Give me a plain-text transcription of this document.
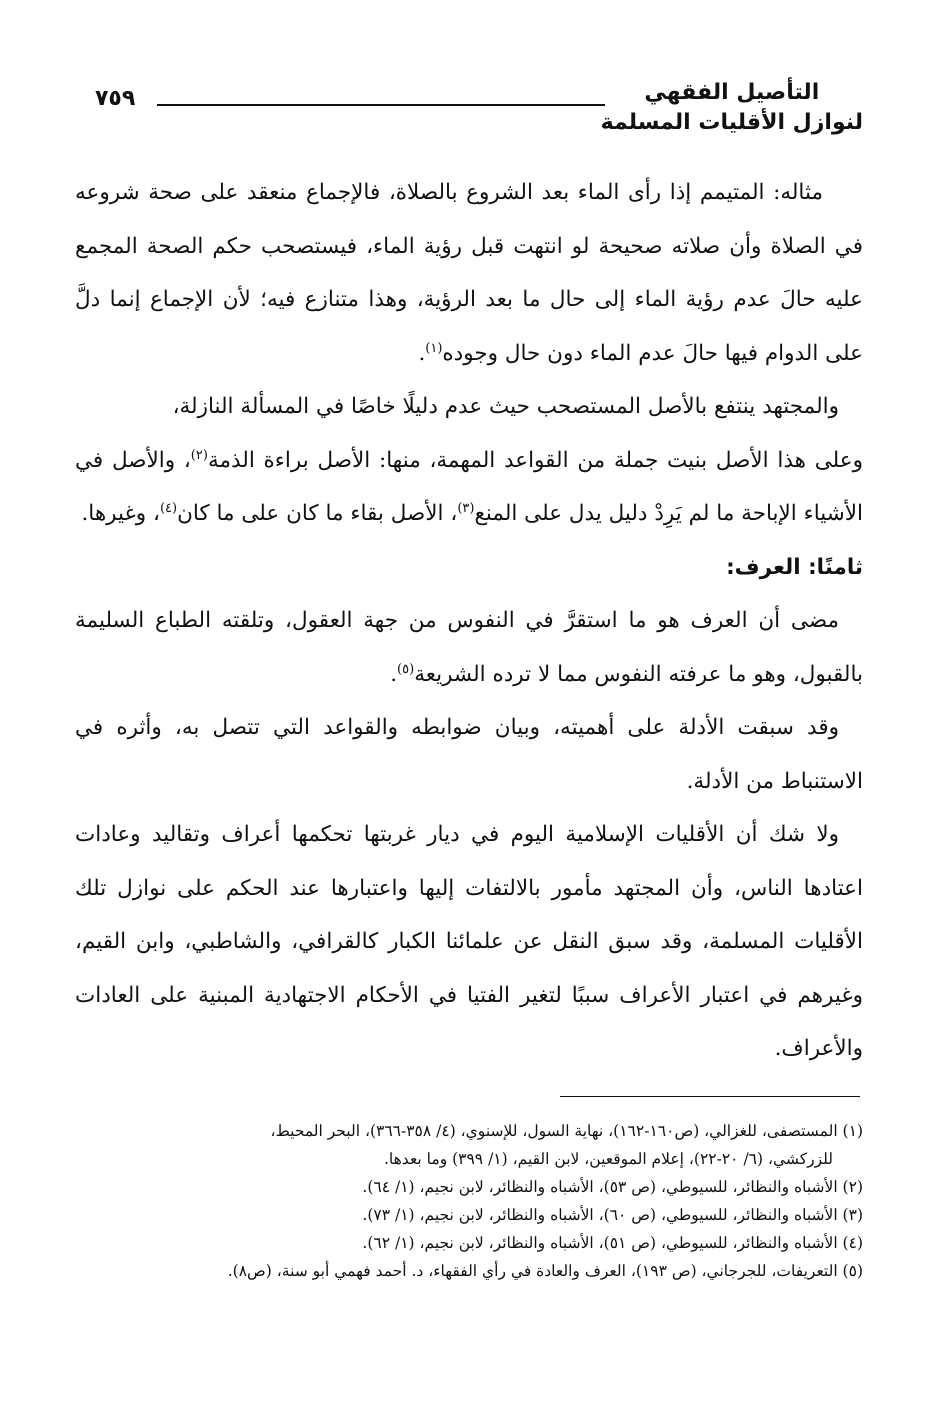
التأصيل الفقهي
لنوازل الأقليات المسلمة
٧٥٩

مثاله: المتيمم إذا رأى الماء بعد الشروع بالصلاة، فالإجماع منعقد على صحة شروعه في الصلاة وأن صلاته صحيحة لو انتهت قبل رؤية الماء، فيستصحب حكم الصحة المجمع عليه حالَ عدم رؤية الماء إلى حال ما بعد الرؤية، وهذا متنازع فيه؛ لأن الإجماع إنما دلَّ على الدوام فيها حالَ عدم الماء دون حال وجوده$^{(١)}$.

والمجتهد ينتفع بالأصل المستصحب حيث عدم دليلًا خاصًا في المسألة النازلة،

وعلى هذا الأصل بنيت جملة من القواعد المهمة، منها: الأصل براءة الذمة$^{(٢)}$، والأصل في الأشياء الإباحة ما لم يَرِدْ دليل يدل على المنع$^{(٣)}$، الأصل بقاء ما كان على ما كان$^{(٤)}$، وغيرها.

ثامنًا: العرف:

مضى أن العرف هو ما استقرَّ في النفوس من جهة العقول، وتلقته الطباع السليمة بالقبول، وهو ما عرفته النفوس مما لا ترده الشريعة$^{(٥)}$.

وقد سبقت الأدلة على أهميته، وبيان ضوابطه والقواعد التي تتصل به، وأثره في الاستنباط من الأدلة.

ولا شك أن الأقليات الإسلامية اليوم في ديار غربتها تحكمها أعراف وتقاليد وعادات اعتادها الناس، وأن المجتهد مأمور بالالتفات إليها واعتبارها عند الحكم على نوازل تلك الأقليات المسلمة، وقد سبق النقل عن علمائنا الكبار كالقرافي، والشاطبي، وابن القيم، وغيرهم في اعتبار الأعراف سببًا لتغير الفتيا في الأحكام الاجتهادية المبنية على العادات والأعراف.

(١) المستصفى، للغزالي، (ص١٦٠-١٦٢)، نهاية السول، للإسنوي، (٤/ ٣٥٨-٣٦٦)، البحر المحيط،
للزركشي، (٦/ ٢٠-٢٢)، إعلام الموقعين، لابن القيم، (١/ ٣٩٩) وما بعدها.
(٢) الأشباه والنظائر، للسيوطي، (ص ٥٣)، الأشباه والنظائر، لابن نجيم، (١/ ٦٤).
(٣) الأشباه والنظائر، للسيوطي، (ص ٦٠)، الأشباه والنظائر، لابن نجيم، (١/ ٧٣).
(٤) الأشباه والنظائر، للسيوطي، (ص ٥١)، الأشباه والنظائر، لابن نجيم، (١/ ٦٢).
(٥) التعريفات، للجرجاني، (ص ١٩٣)، العرف والعادة في رأي الفقهاء، د. أحمد فهمي أبو سنة، (ص٨).
